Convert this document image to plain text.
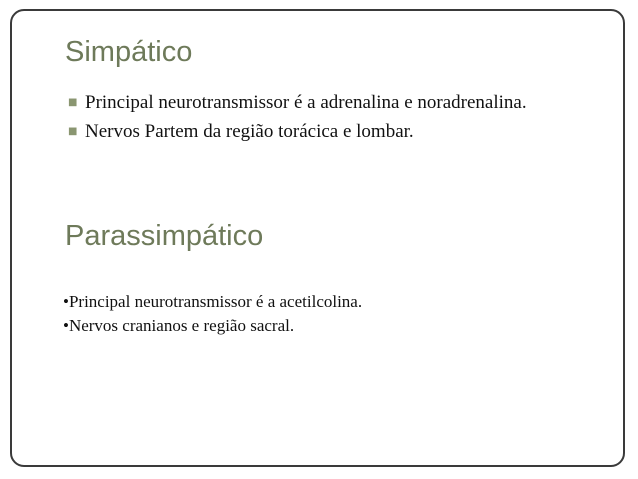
Simpático
■ Principal neurotransmissor é a adrenalina e noradrenalina.
■ Nervos Partem da região torácica e lombar.
Parassimpático
•Principal neurotransmissor é a acetilcolina.
•Nervos cranianos e região sacral.
